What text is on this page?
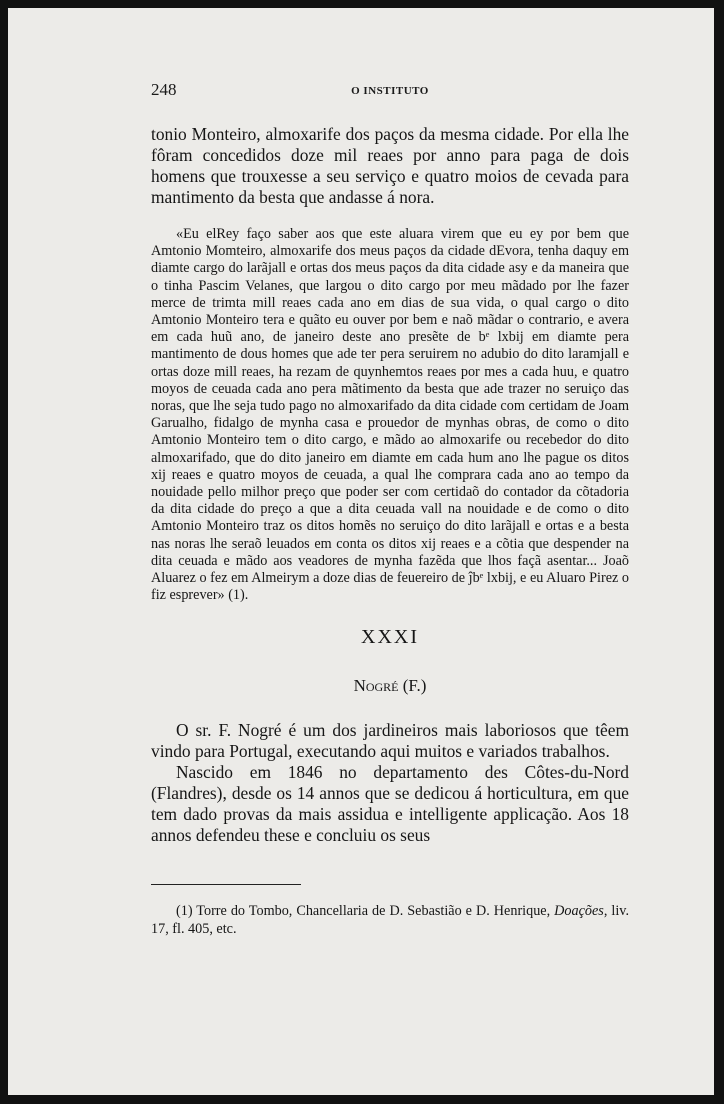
248	O INSTITUTO

tonio Monteiro, almoxarife dos paços da mesma cidade. Por ella lhe fôram concedidos doze mil reaes por anno para paga de dois homens que trouxesse a seu serviço e quatro moios de cevada para mantimento da besta que andasse á nora.

«Eu elRey faço saber aos que este aluara virem que eu ey por bem que Amtonio Momteiro, almoxarife dos meus paços da cidade dEvora, tenha daquy em diamte cargo do larãjall e ortas dos meus paços da dita cidade asy e da maneira que o tinha Pascim Velanes, que largou o dito cargo por meu mãdado por lhe fazer merce de trimta mill reaes cada ano em dias de sua vida, o qual cargo o dito Amtonio Monteiro tera e quãto eu ouver por bem e naõ mãdar o contrario, e avera em cada huũ ano, de janeiro deste ano presẽte de bᵉ lxbij em diamte pera mantimento de dous homes que ade ter pera seruirem no adubio do dito laramjall e ortas doze mill reaes, ha rezam de quynhemtos reaes por mes a cada huu, e quatro moyos de ceuada cada ano pera mãtimento da besta que ade trazer no seruiço das noras, que lhe seja tudo pago no almoxarifado da dita cidade com certidam de Joam Garualho, fidalgo de mynha casa e prouedor de mynhas obras, de como o dito Amtonio Monteiro tem o dito cargo, e mãdo ao almoxarife ou recebedor do dito almoxarifado, que do dito janeiro em diamte em cada hum ano lhe pague os ditos xij reaes e quatro moyos de ceuada, a qual lhe comprara cada ano ao tempo da nouidade pello milhor preço que poder ser com certidaõ do contador da cõtadoria da dita cidade do preço a que a dita ceuada vall na nouidade e de como o dito Amtonio Monteiro traz os ditos homẽs no seruiço do dito larãjall e ortas e a besta nas noras lhe seraõ leuados em conta os ditos xij reaes e a cõtia que despender na dita ceuada e mãdo aos veadores de mynha fazẽda que lhos façã asentar... Joaõ Aluarez o fez em Almeirym a doze dias de feuereiro de ĵbᵉ lxbij, e eu Aluaro Pirez o fiz esprever» (1).

XXXI
Nogré (F.)

O sr. F. Nogré é um dos jardineiros mais laboriosos que têem vindo para Portugal, executando aqui muitos e variados trabalhos.

Nascido em 1846 no departamento des Côtes-du-Nord (Flandres), desde os 14 annos que se dedicou á horticultura, em que tem dado provas da mais assidua e intelligente applicação. Aos 18 annos defendeu these e concluiu os seus

(1) Torre do Tombo, Chancellaria de D. Sebastião e D. Henrique, Doações, liv. 17, fl. 405, etc.
